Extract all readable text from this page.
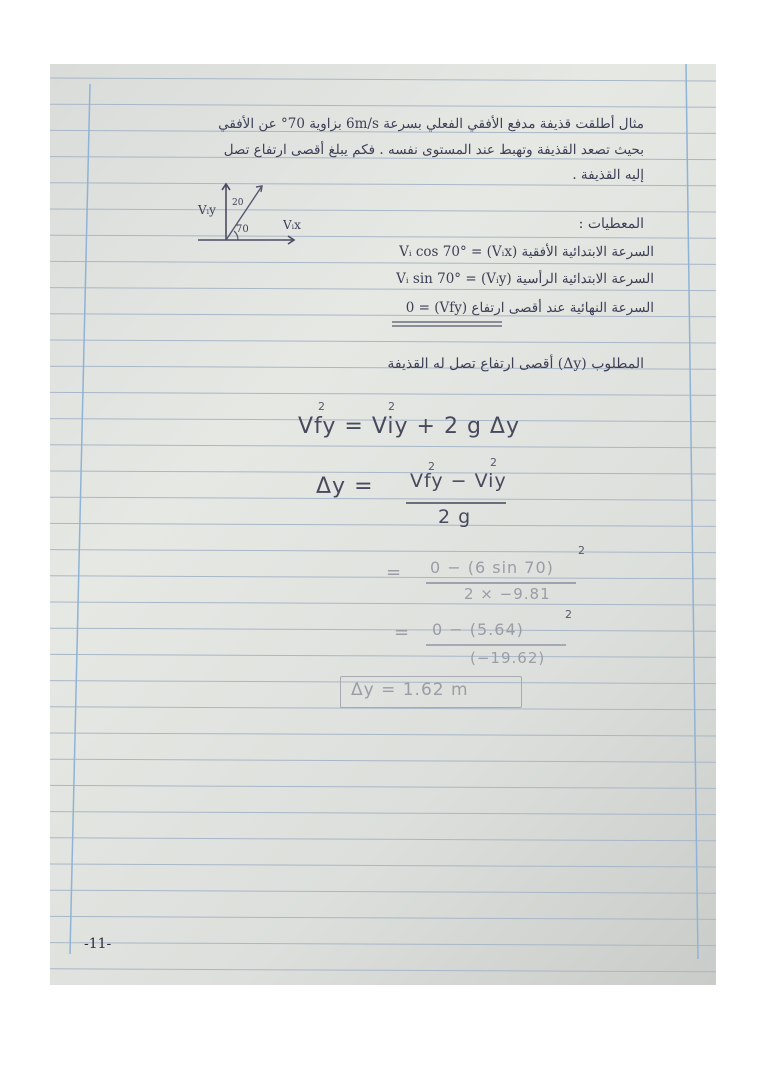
مثال أطلقت قذيفة مدفع الأفقي الفعلي بسرعة 6m/s بزاوية 70° عن الأفقي
بحيث تصعد القذيفة وتهبط عند المستوى نفسه . فكم يبلغ أقصى ارتفاع تصل
إليه القذيفة .
Vᵢy
Vᵢx
70
20
المعطيات :
السرعة الابتدائية الأفقية (Vᵢx) = Vᵢ cos 70°
السرعة الابتدائية الرأسية (Vᵢy) = Vᵢ sin 70°
السرعة النهائية عند أقصى ارتفاع (Vfy) = 0
المطلوب (Δy) أقصى ارتفاع تصل له القذيفة
Vfy = Viy + 2 g Δy
2	2
Δy = Vfy − Viy
2	2
2 g
= 0 − (6 sin 70)
2
2 × −9.81
= 0 − (5.64)
2
(−19.62)
Δy = 1.62 m
-11-
